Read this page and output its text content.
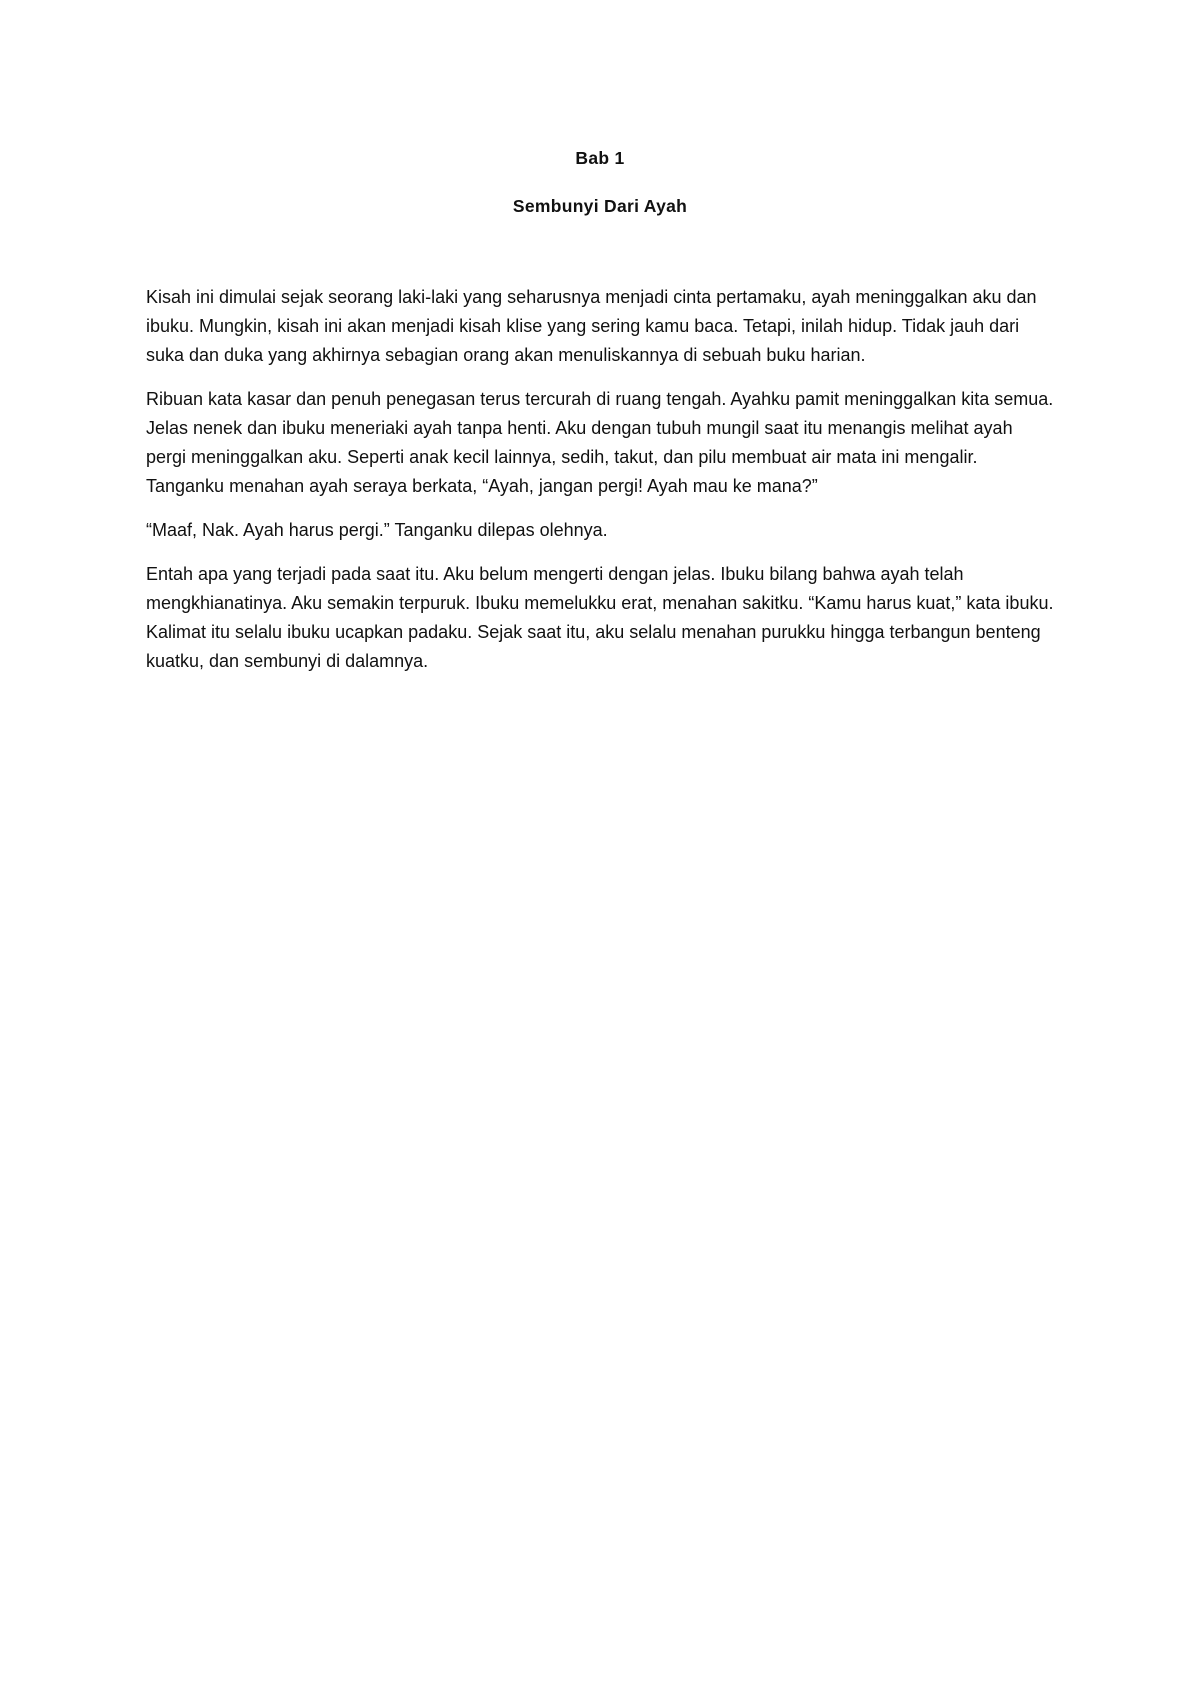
Bab 1

Sembunyi Dari Ayah

Kisah ini dimulai sejak seorang laki-laki yang seharusnya menjadi cinta pertamaku, ayah meninggalkan aku dan ibuku. Mungkin, kisah ini akan menjadi kisah klise yang sering kamu baca. Tetapi, inilah hidup. Tidak jauh dari suka dan duka yang akhirnya sebagian orang akan menuliskannya di sebuah buku harian.

Ribuan kata kasar dan penuh penegasan terus tercurah di ruang tengah. Ayahku pamit meninggalkan kita semua. Jelas nenek dan ibuku meneriaki ayah tanpa henti. Aku dengan tubuh mungil saat itu menangis melihat ayah pergi meninggalkan aku. Seperti anak kecil lainnya, sedih, takut, dan pilu membuat air mata ini mengalir. Tanganku menahan ayah seraya berkata, “Ayah, jangan pergi! Ayah mau ke mana?”

“Maaf, Nak. Ayah harus pergi.” Tanganku dilepas olehnya.

Entah apa yang terjadi pada saat itu. Aku belum mengerti dengan jelas. Ibuku bilang bahwa ayah telah mengkhianatinya. Aku semakin terpuruk. Ibuku memelukku erat, menahan sakitku. “Kamu harus kuat,” kata ibuku. Kalimat itu selalu ibuku ucapkan padaku. Sejak saat itu, aku selalu menahan purukku hingga terbangun benteng kuatku, dan sembunyi di dalamnya.
